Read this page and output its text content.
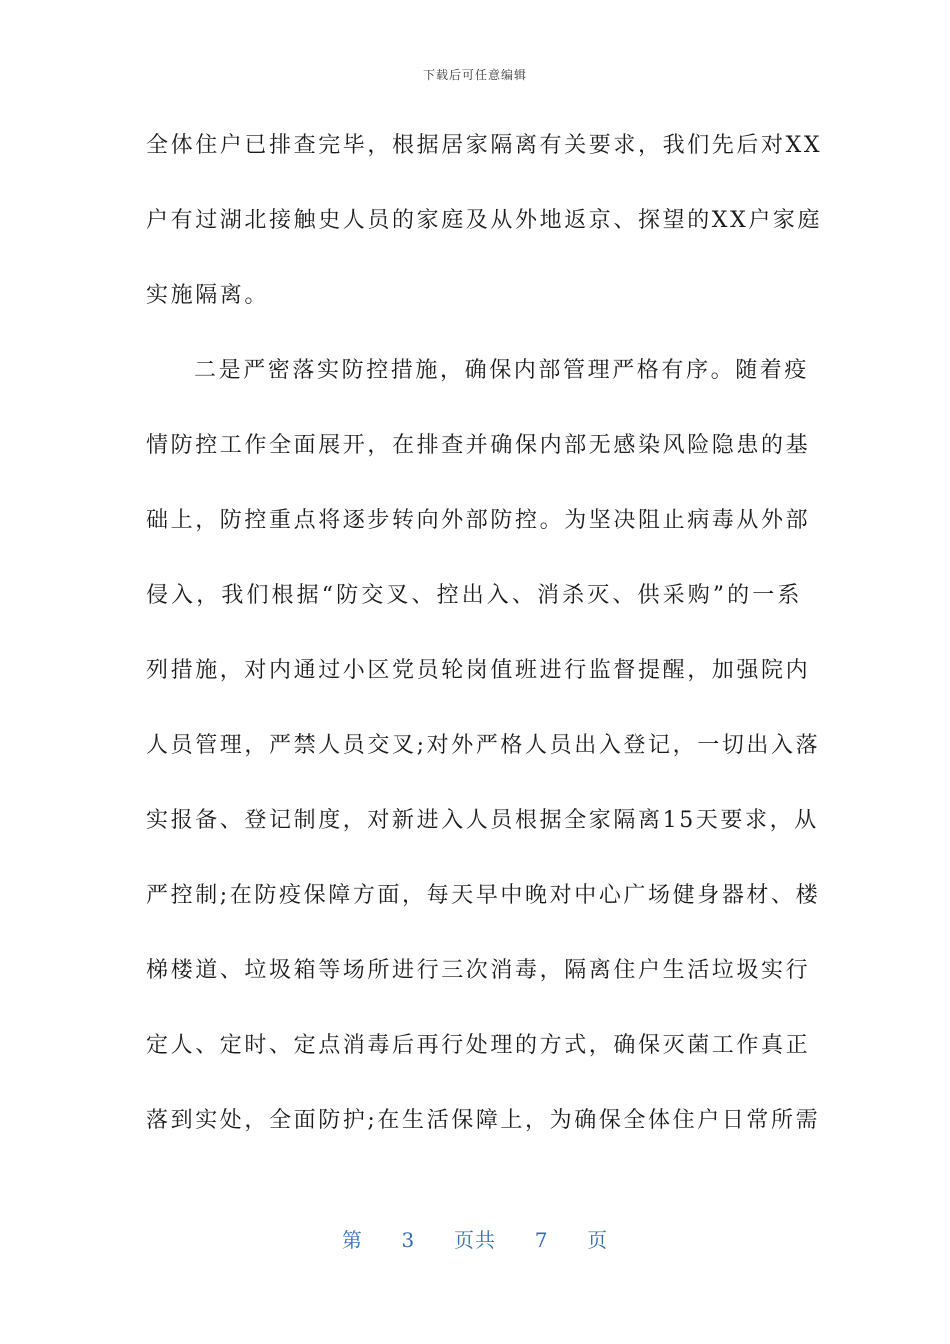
下载后可任意编辑
全体住户已排查完毕，根据居家隔离有关要求，我们先后对XX
户有过湖北接触史人员的家庭及从外地返京、探望的XX户家庭
实施隔离。
二是严密落实防控措施，确保内部管理严格有序。随着疫
情防控工作全面展开，在排查并确保内部无感染风险隐患的基
础上，防控重点将逐步转向外部防控。为坚决阻止病毒从外部
侵入，我们根据“防交叉、控出入、消杀灭、供采购”的一系
列措施，对内通过小区党员轮岗值班进行监督提醒，加强院内
人员管理，严禁人员交叉;对外严格人员出入登记，一切出入落
实报备、登记制度，对新进入人员根据全家隔离15天要求，从
严控制;在防疫保障方面，每天早中晚对中心广场健身器材、楼
梯楼道、垃圾箱等场所进行三次消毒，隔离住户生活垃圾实行
定人、定时、定点消毒后再行处理的方式，确保灭菌工作真正
落到实处，全面防护;在生活保障上，为确保全体住户日常所需
第 3 页共 7 页
